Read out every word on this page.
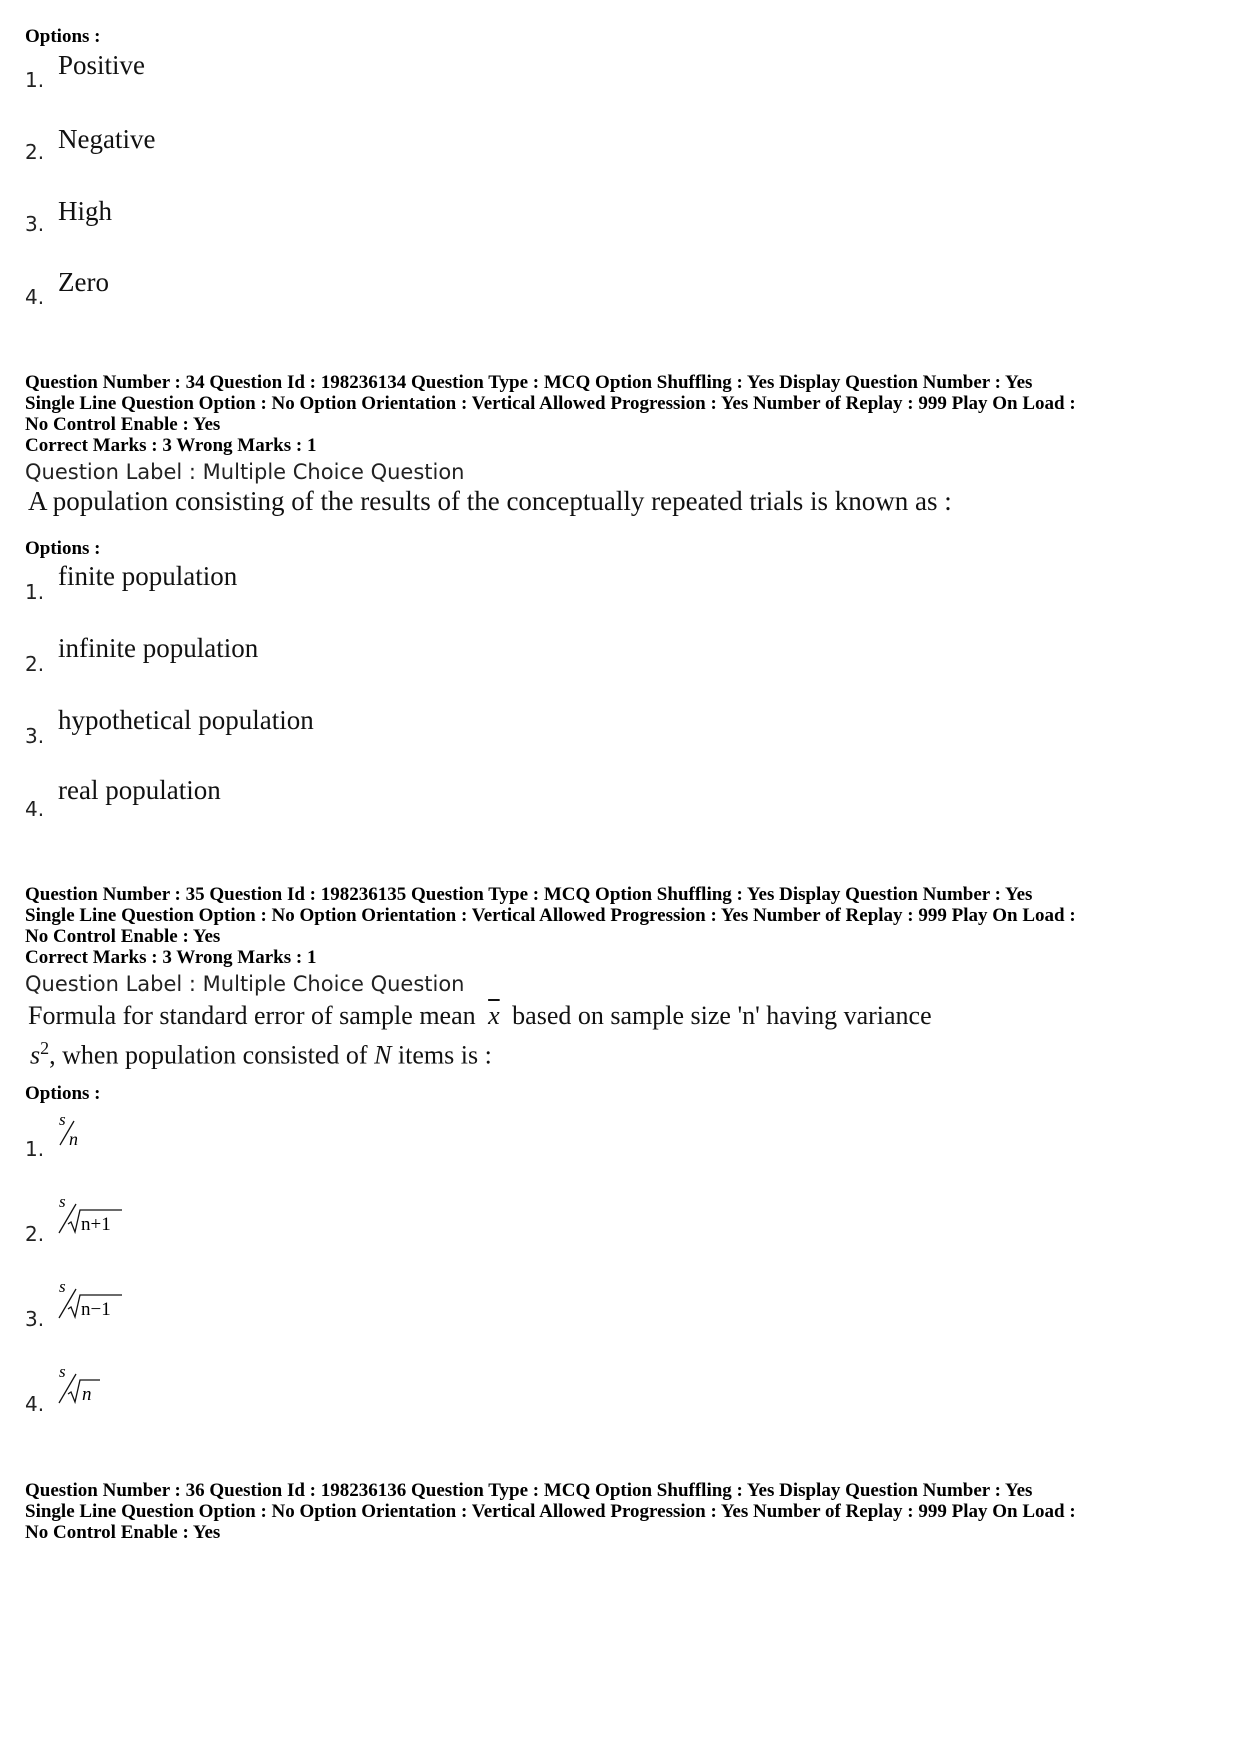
Options :
1. Positive
2. Negative
3. High
4. Zero
Question Number : 34 Question Id : 198236134 Question Type : MCQ Option Shuffling : Yes Display Question Number : Yes
Single Line Question Option : No Option Orientation : Vertical Allowed Progression : Yes Number of Replay : 999 Play On Load :
No Control Enable : Yes
Correct Marks : 3 Wrong Marks : 1
Question Label : Multiple Choice Question
A population consisting of the results of the conceptually repeated trials is known as :
Options :
1.
finite population
2.
infinite population
3.
hypothetical population
4.
real population
Question Number : 35 Question Id : 198236135 Question Type : MCQ Option Shuffling : Yes Display Question Number : Yes
Single Line Question Option : No Option Orientation : Vertical Allowed Progression : Yes Number of Replay : 999 Play On Load :
No Control Enable : Yes
Correct Marks : 3 Wrong Marks : 1
Question Label : Multiple Choice Question
Formula for standard error of sample mean $\overline{x}$ based on sample size 'n' having variance
$s^2$, when population consisted of N items is :
Options :
1.
s
n
2.
s
n+1
3.
s
n−1
4.
s
n
Question Number : 36 Question Id : 198236136 Question Type : MCQ Option Shuffling : Yes Display Question Number : Yes
Single Line Question Option : No Option Orientation : Vertical Allowed Progression : Yes Number of Replay : 999 Play On Load :
No Control Enable : Yes
